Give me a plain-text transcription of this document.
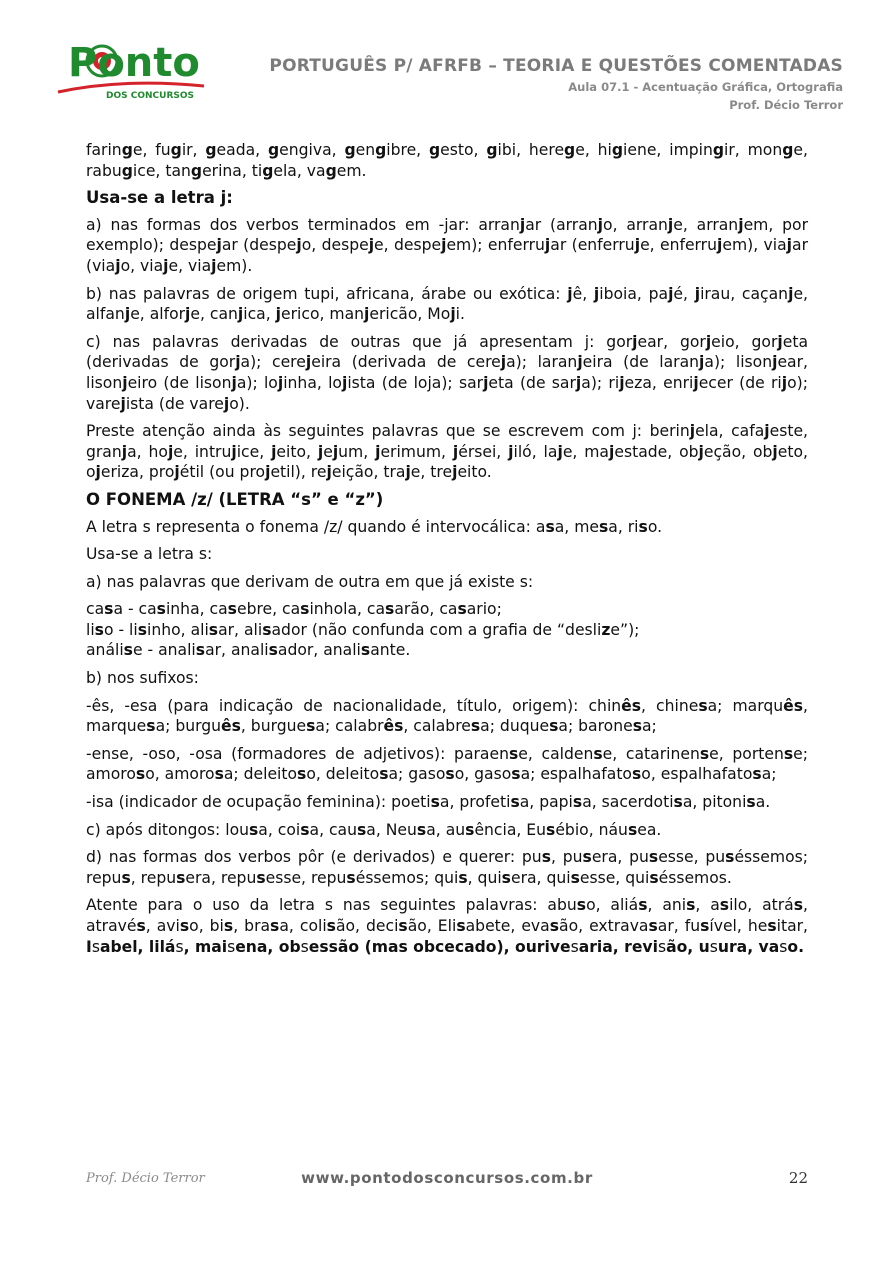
Ponto
DOS CONCURSOS
PORTUGUÊS P/ AFRFB – TEORIA E QUESTÕES COMENTADAS
Aula 07.1 - Acentuação Gráfica, Ortografia
Prof. Décio Terror

faringe, fugir, geada, gengiva, gengibre, gesto, gibi, herege, higiene, impingir, monge, rabugice, tangerina, tigela, vagem.

Usa-se a letra j:

a) nas formas dos verbos terminados em -jar: arranjar (arranjo, arranje, arranjem, por exemplo); despejar (despejo, despeje, despejem); enferrujar (enferruje, enferrujem), viajar (viajo, viaje, viajem).

b) nas palavras de origem tupi, africana, árabe ou exótica: jê, jiboia, pajé, jirau, caçanje, alfanje, alforje, canjica, jerico, manjericão, Moji.

c) nas palavras derivadas de outras que já apresentam j: gorjear, gorjeio, gorjeta (derivadas de gorja); cerejeira (derivada de cereja); laranjeira (de laranja); lisonjear, lisonjeiro (de lisonja); lojinha, lojista (de loja); sarjeta (de sarja); rijeza, enrijecer (de rijo); varejista (de varejo).

Preste atenção ainda às seguintes palavras que se escrevem com j: berinjela, cafajeste, granja, hoje, intrujice, jeito, jejum, jerimum, jérsei, jiló, laje, majestade, objeção, objeto, ojeriza, projétil (ou projetil), rejeição, traje, trejeito.

O FONEMA /z/ (LETRA “s” e “z”)

A letra s representa o fonema /z/ quando é intervocálica: asa, mesa, riso.

Usa-se a letra s:

a) nas palavras que derivam de outra em que já existe s:

casa - casinha, casebre, casinhola, casarão, casario;

liso - lisinho, alisar, alisador (não confunda com a grafia de “deslize”);

análise - analisar, analisador, analisante.

b) nos sufixos:

-ês, -esa (para indicação de nacionalidade, título, origem): chinês, chinesa; marquês, marquesa; burguês, burguesa; calabrês, calabresa; duquesa; baronesa;

-ense, -oso, -osa (formadores de adjetivos): paraense, caldense, catarinense, portense; amoroso, amorosa; deleitoso, deleitosa; gasoso, gasosa; espalhafatoso, espalhafatosa;

-isa (indicador de ocupação feminina): poetisa, profetisa, papisa, sacerdotisa, pitonisa.

c) após ditongos: lousa, coisa, causa, Neusa, ausência, Eusébio, náusea.

d) nas formas dos verbos pôr (e derivados) e querer: pus, pusera, pusesse, puséssemos; repus, repusera, repusesse, repuséssemos; quis, quisera, quisesse, quiséssemos.

Atente para o uso da letra s nas seguintes palavras: abuso, aliás, anis, asilo, atrás, através, aviso, bis, brasa, colisão, decisão, Elisabete, evasão, extravasar, fusível, hesitar, Isabel, lilás, maisena, obsessão (mas obcecado), ourivesaria, revisão, usura, vaso.

Prof. Décio Terror	www.pontodosconcursos.com.br	22
